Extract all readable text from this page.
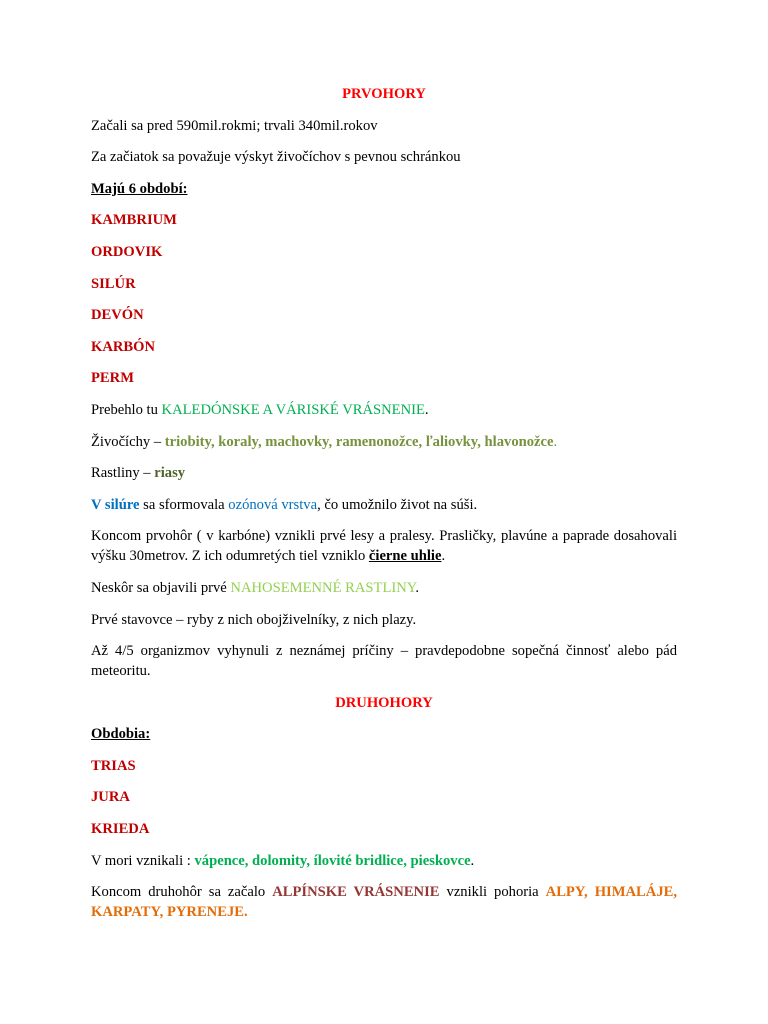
PRVOHORY

Začali sa pred 590mil.rokmi; trvali 340mil.rokov

Za začiatok sa považuje výskyt živočíchov s pevnou schránkou

Majú 6 období:

KAMBRIUM

ORDOVIK

SILÚR

DEVÓN

KARBÓN

PERM

Prebehlo tu KALEDÓNSKE A VÁRISKÉ VRÁSNENIE.

Živočíchy – triobity, koraly, machovky, ramenonožce, ľaliovky, hlavonožce.

Rastliny – riasy

V silúre sa sformovala ozónová vrstva, čo umožnilo život na súši.

Koncom prvohôr ( v karbóne) vznikli prvé lesy a pralesy. Prasličky, plavúne a paprade dosahovali výšku 30metrov. Z ich odumretých tiel vzniklo čierne uhlie.

Neskôr sa objavili prvé NAHOSEMENNÉ RASTLINY.

Prvé stavovce – ryby z nich obojživelníky, z nich plazy.

Až 4/5 organizmov vyhynuli z neznámej príčiny – pravdepodobne sopečná činnosť alebo pád meteoritu.

DRUHOHORY

Obdobia:

TRIAS

JURA

KRIEDA

V mori vznikali : vápence, dolomity, ílovité bridlice, pieskovce.

Koncom druhohôr sa začalo ALPÍNSKE VRÁSNENIE vznikli pohoria ALPY, HIMALÁJE, KARPATY, PYRENEJE.
